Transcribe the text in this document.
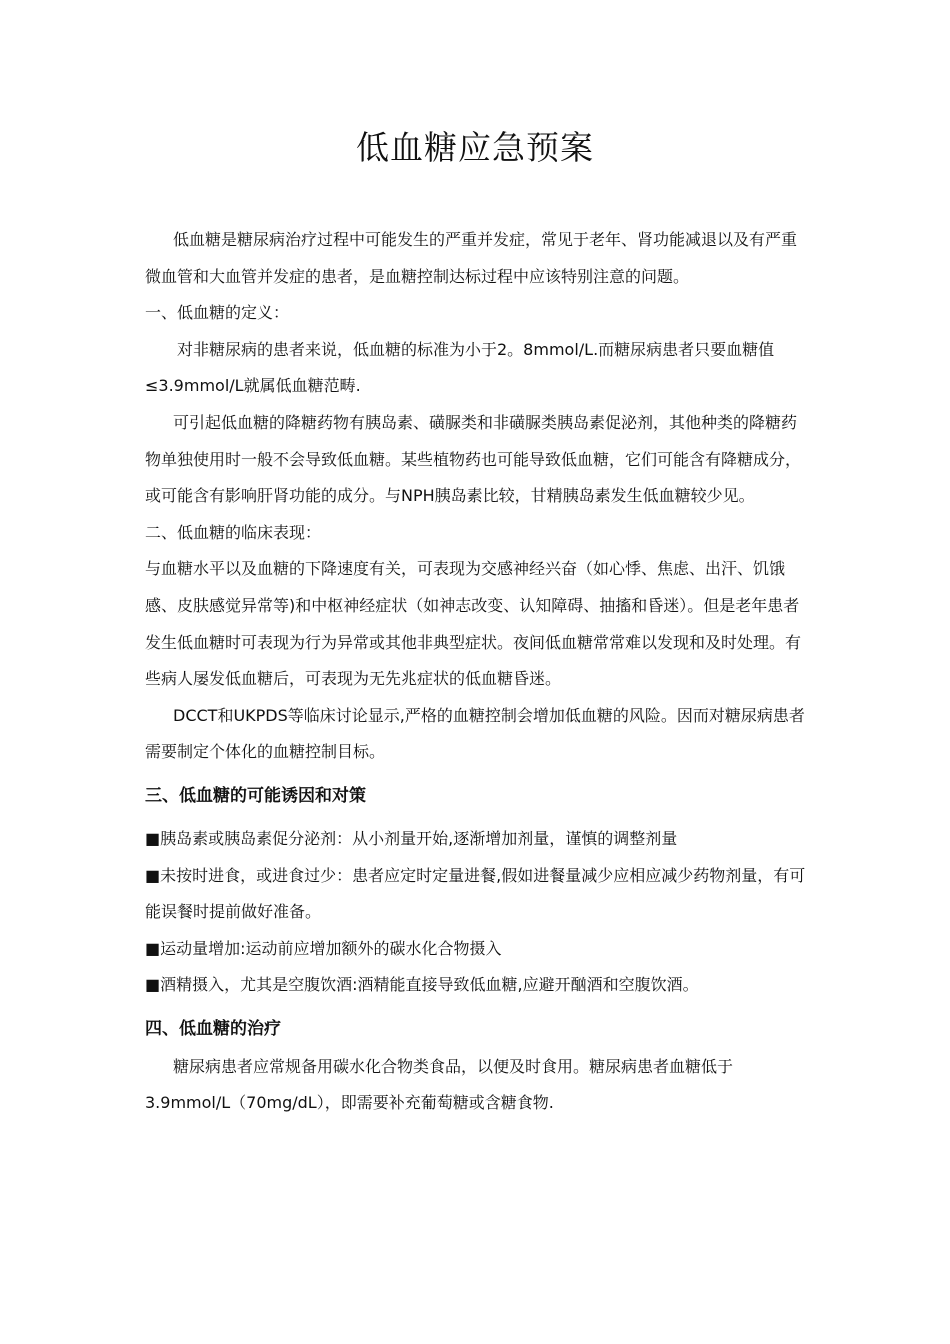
低血糖应急预案

低血糖是糖尿病治疗过程中可能发生的严重并发症，常见于老年、肾功能减退以及有严重微血管和大血管并发症的患者，是血糖控制达标过程中应该特别注意的问题。

一、低血糖的定义：

对非糖尿病的患者来说，低血糖的标准为小于2。8mmol/L.而糖尿病患者只要血糖值≤3.9mmol/L就属低血糖范畴.

可引起低血糖的降糖药物有胰岛素、磺脲类和非磺脲类胰岛素促泌剂，其他种类的降糖药物单独使用时一般不会导致低血糖。某些植物药也可能导致低血糖，它们可能含有降糖成分，或可能含有影响肝肾功能的成分。与NPH胰岛素比较，甘精胰岛素发生低血糖较少见。

二、低血糖的临床表现：

与血糖水平以及血糖的下降速度有关，可表现为交感神经兴奋（如心悸、焦虑、出汗、饥饿感、皮肤感觉异常等)和中枢神经症状（如神志改变、认知障碍、抽搐和昏迷）。但是老年患者发生低血糖时可表现为行为异常或其他非典型症状。夜间低血糖常常难以发现和及时处理。有些病人屡发低血糖后，可表现为无先兆症状的低血糖昏迷。

DCCT和UKPDS等临床讨论显示,严格的血糖控制会增加低血糖的风险。因而对糖尿病患者需要制定个体化的血糖控制目标。

三、低血糖的可能诱因和对策

■胰岛素或胰岛素促分泌剂：从小剂量开始,逐渐增加剂量，谨慎的调整剂量

■未按时进食，或进食过少：患者应定时定量进餐,假如进餐量减少应相应减少药物剂量，有可能误餐时提前做好准备。

■运动量增加:运动前应增加额外的碳水化合物摄入

■酒精摄入，尤其是空腹饮酒:酒精能直接导致低血糖,应避开酗酒和空腹饮酒。

四、低血糖的治疗

糖尿病患者应常规备用碳水化合物类食品，以便及时食用。糖尿病患者血糖低于3.9mmol/L（70mg/dL），即需要补充葡萄糖或含糖食物.
